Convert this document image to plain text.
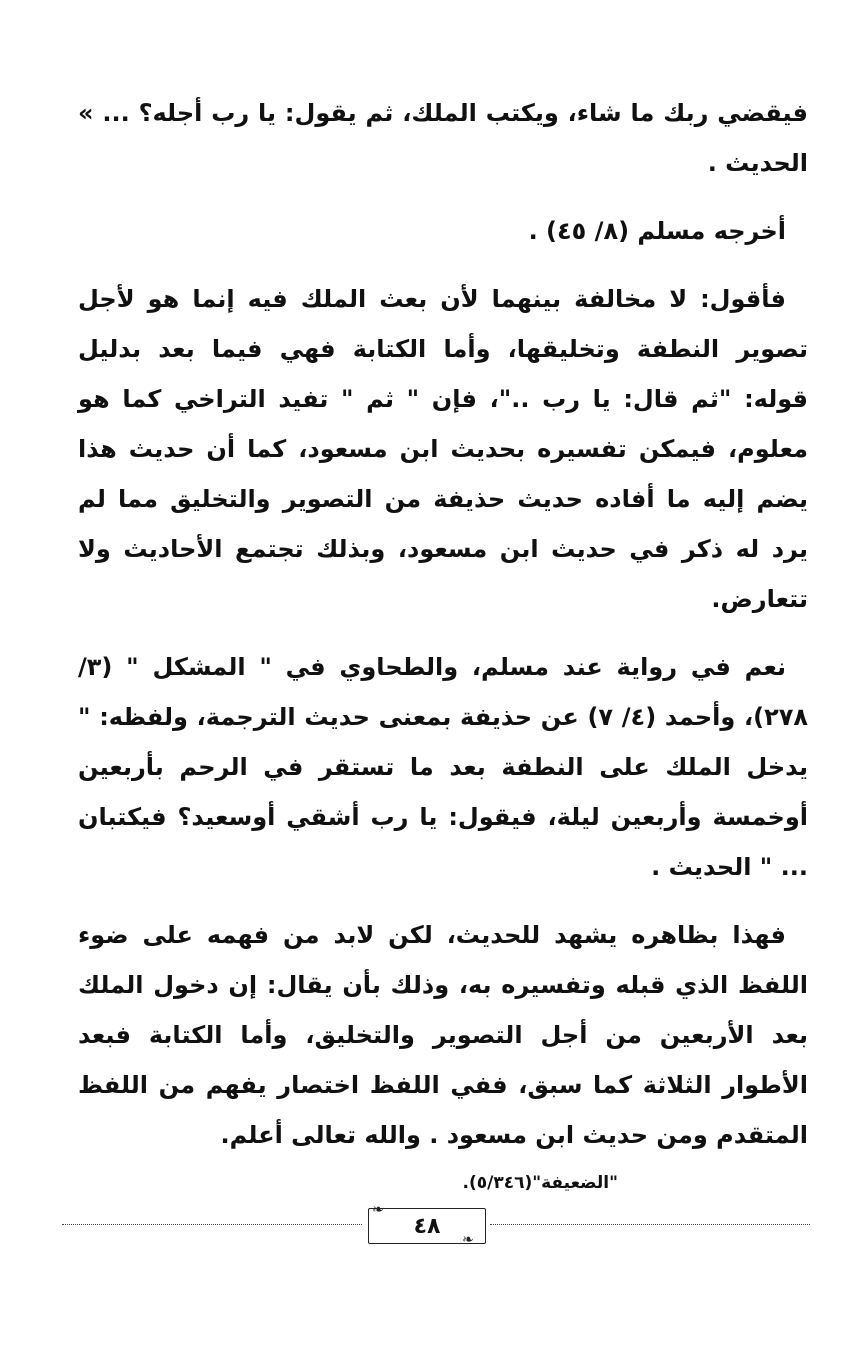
فيقضي ربك ما شاء، ويكتب الملك، ثم يقول: يا رب أجله؟ ... » الحديث .

أخرجه مسلم (٨/ ٤٥) .

فأقول: لا مخالفة بينهما لأن بعث الملك فيه إنما هو لأجل تصوير النطفة وتخليقها، وأما الكتابة فهي فيما بعد بدليل قوله: "ثم قال: يا رب .."، فإن " ثم " تفيد التراخي كما هو معلوم، فيمكن تفسيره بحديث ابن مسعود، كما أن حديث هذا يضم إليه ما أفاده حديث حذيفة من التصوير والتخليق مما لم يرد له ذكر في حديث ابن مسعود، وبذلك تجتمع الأحاديث ولا تتعارض.

نعم في رواية عند مسلم، والطحاوي في " المشكل " (٣/ ٢٧٨)، وأحمد (٤/ ٧) عن حذيفة بمعنى حديث الترجمة، ولفظه: " يدخل الملك على النطفة بعد ما تستقر في الرحم بأربعين أوخمسة وأربعين ليلة، فيقول: يا رب أشقي أوسعيد؟ فيكتبان ... " الحديث .

فهذا بظاهره يشهد للحديث، لكن لابد من فهمه على ضوء اللفظ الذي قبله وتفسيره به، وذلك بأن يقال: إن دخول الملك بعد الأربعين من أجل التصوير والتخليق، وأما الكتابة فبعد الأطوار الثلاثة كما سبق، ففي اللفظ اختصار يفهم من اللفظ المتقدم ومن حديث ابن مسعود . والله تعالى أعلم.

"الضعيفة"(٥/٣٤٦).

٤٨
❧
❧
